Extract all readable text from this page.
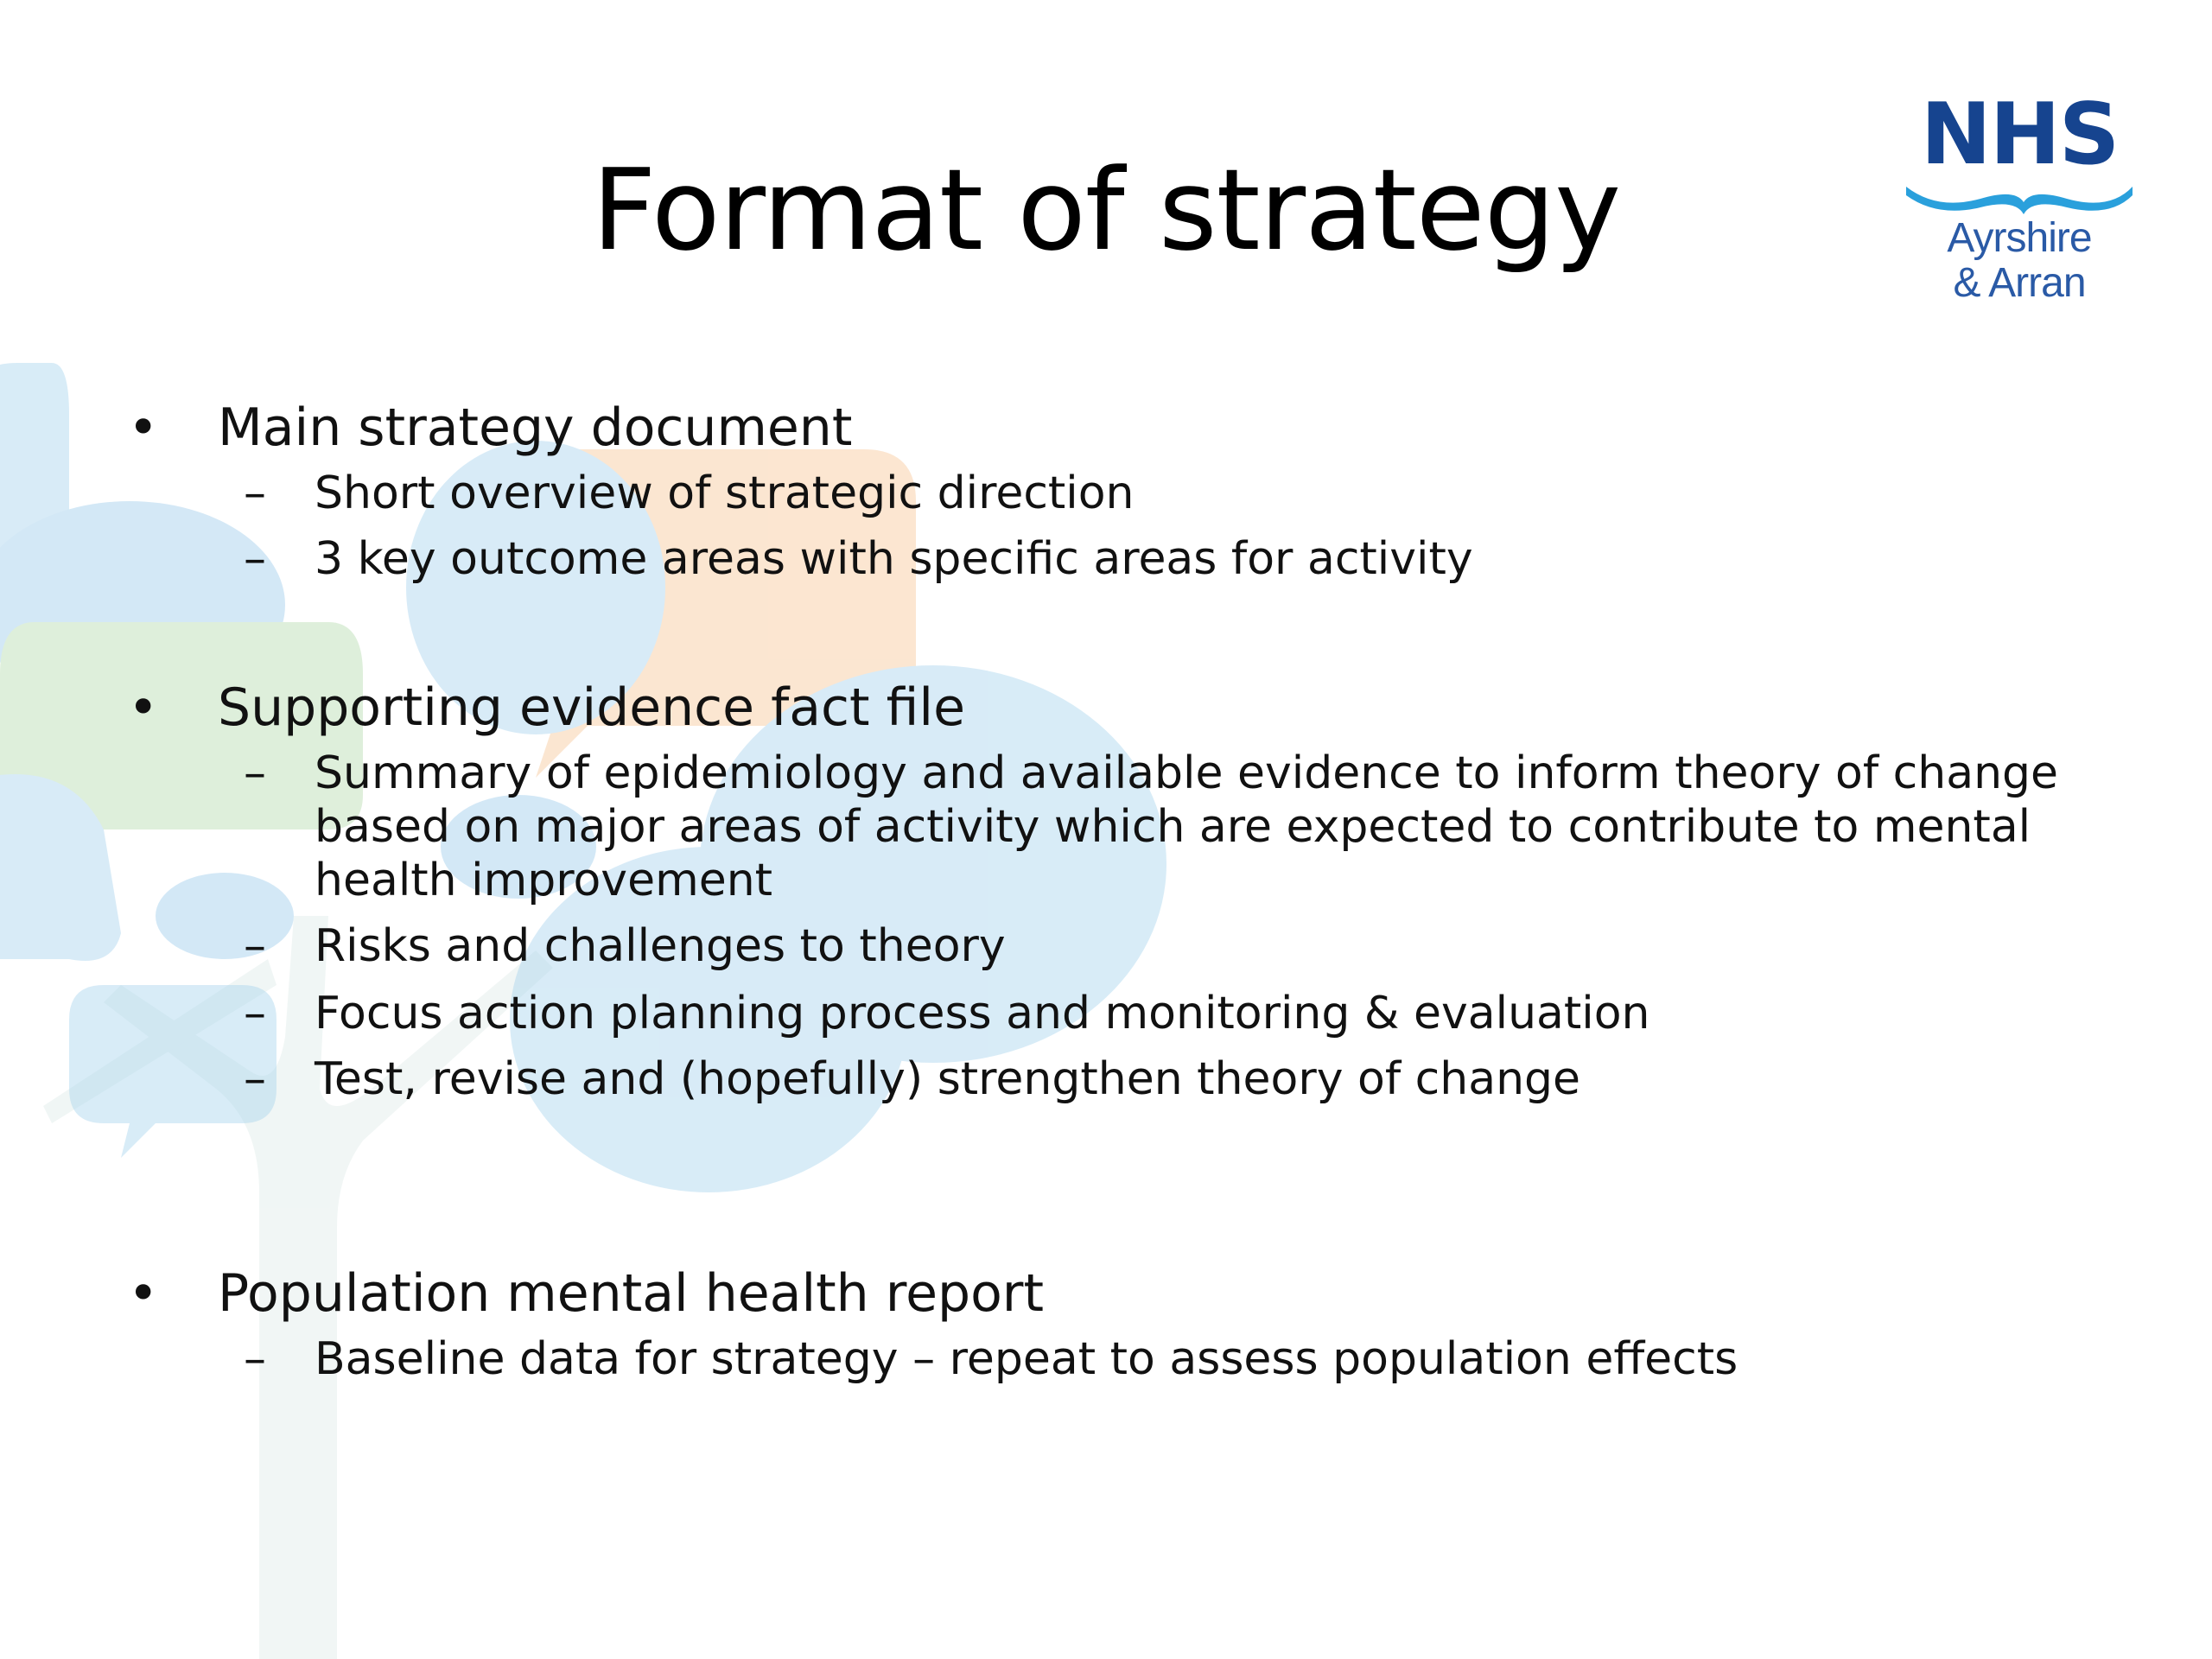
Format of strategy
NHS
Ayrshire
& Arran
• Main strategy document
– Short overview of strategic direction
– 3 key outcome areas with specific areas for activity
• Supporting evidence fact file
– Summary of epidemiology and available evidence to inform theory of change based on major areas of activity which are expected to contribute to mental health improvement
– Risks and challenges to theory
– Focus action planning process and monitoring & evaluation
– Test, revise and (hopefully) strengthen theory of change
• Population mental health report
– Baseline data for strategy – repeat to assess population effects
